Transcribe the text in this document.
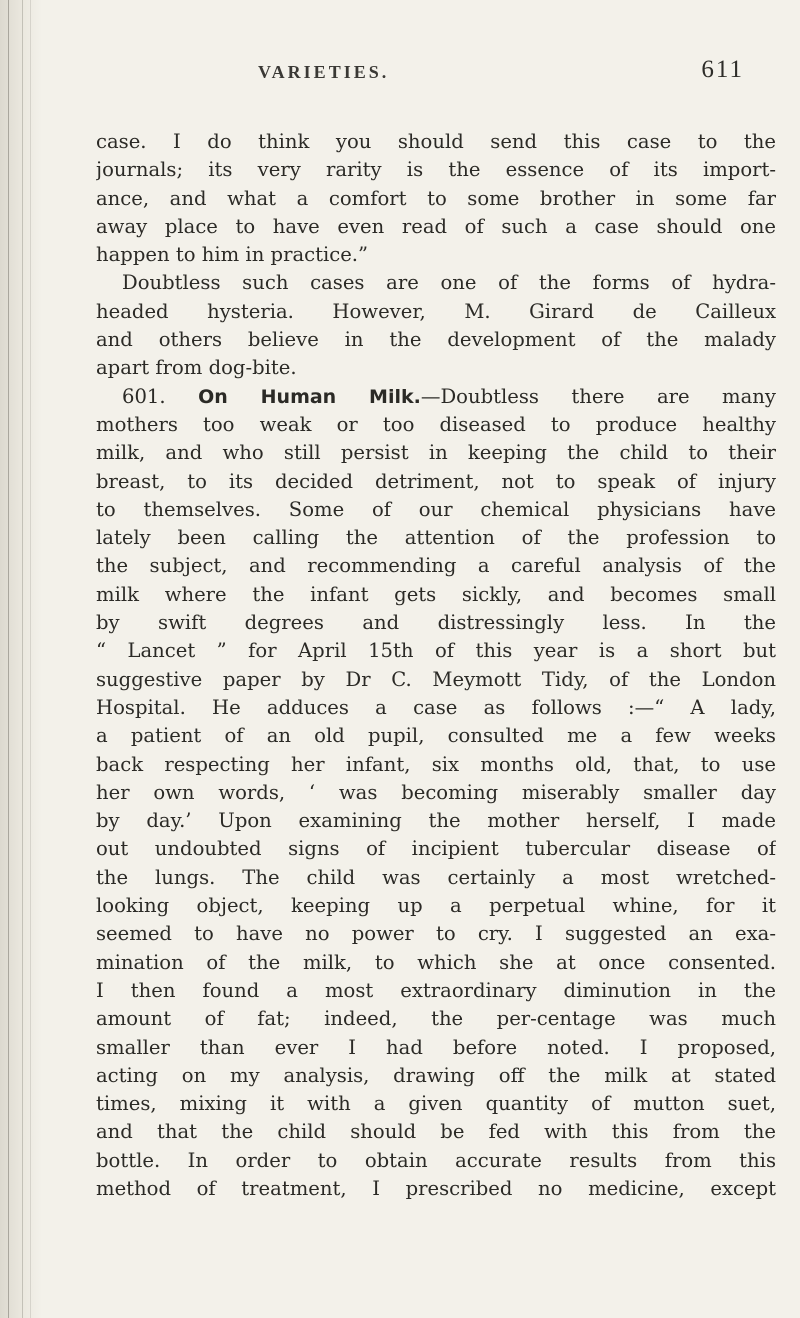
VARIETIES.	611
case. I do think you should send this case to the
journals; its very rarity is the essence of its import-
ance, and what a comfort to some brother in some far
away place to have even read of such a case should one
happen to him in practice.”
Doubtless such cases are one of the forms of hydra-
headed hysteria. However, M. Girard de Cailleux
and others believe in the development of the malady
apart from dog-bite.
601. On Human Milk.—Doubtless there are many
mothers too weak or too diseased to produce healthy
milk, and who still persist in keeping the child to their
breast, to its decided detriment, not to speak of injury
to themselves. Some of our chemical physicians have
lately been calling the attention of the profession to
the subject, and recommending a careful analysis of the
milk where the infant gets sickly, and becomes small
by swift degrees and distressingly less. In the
“ Lancet ” for April 15th of this year is a short but
suggestive paper by Dr C. Meymott Tidy, of the London
Hospital. He adduces a case as follows :—“ A lady,
a patient of an old pupil, consulted me a few weeks
back respecting her infant, six months old, that, to use
her own words, ‘ was becoming miserably smaller day
by day.’ Upon examining the mother herself, I made
out undoubted signs of incipient tubercular disease of
the lungs. The child was certainly a most wretched-
looking object, keeping up a perpetual whine, for it
seemed to have no power to cry. I suggested an exa-
mination of the milk, to which she at once consented.
I then found a most extraordinary diminution in the
amount of fat; indeed, the per-centage was much
smaller than ever I had before noted. I proposed,
acting on my analysis, drawing off the milk at stated
times, mixing it with a given quantity of mutton suet,
and that the child should be fed with this from the
bottle. In order to obtain accurate results from this
method of treatment, I prescribed no medicine, except
